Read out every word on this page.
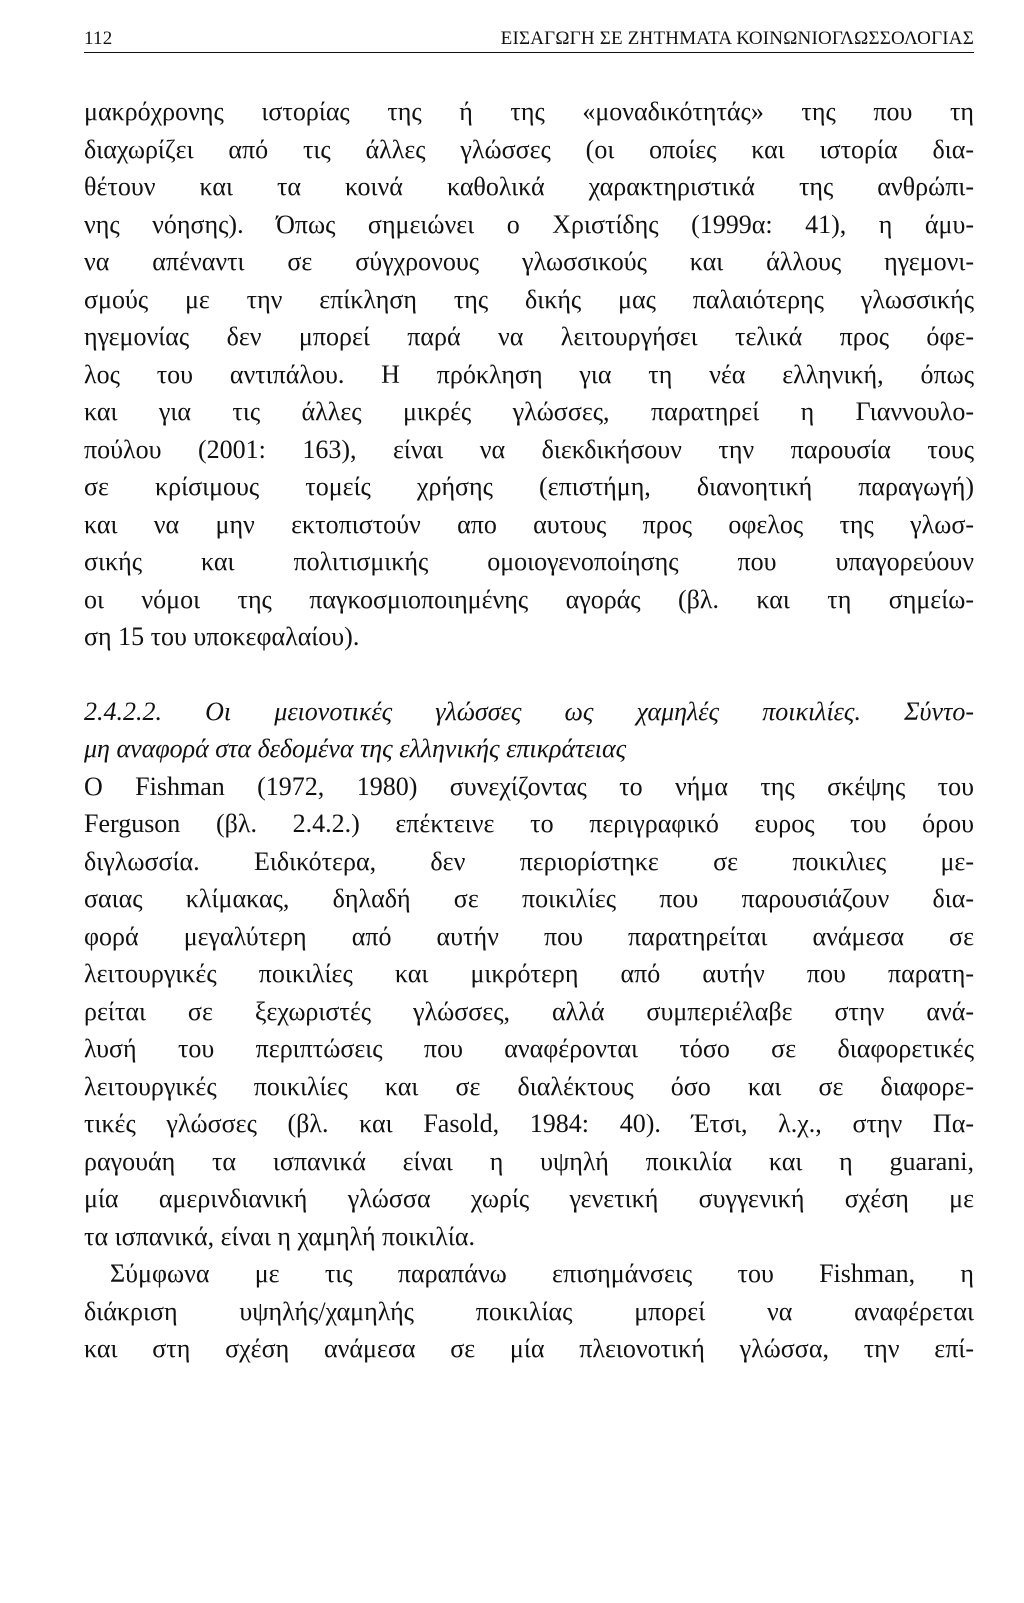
112	ΕΙΣΑΓΩΓΗ ΣΕ ΖΗΤΗΜΑΤΑ ΚΟΙΝΩΝΙΟΓΛΩΣΣΟΛΟΓΙΑΣ
μακρόχρονης ιστορίας της ή της «μοναδικότητάς» της που τη
διαχωρίζει από τις άλλες γλώσσες (οι οποίες και ιστορία δια-
θέτουν και τα κοινά καθολικά χαρακτηριστικά της ανθρώπι-
νης νόησης). Όπως σημειώνει ο Χριστίδης (1999α: 41), η άμυ-
να απέναντι σε σύγχρονους γλωσσικούς και άλλους ηγεμονι-
σμούς με την επίκληση της δικής μας παλαιότερης γλωσσικής
ηγεμονίας δεν μπορεί παρά να λειτουργήσει τελικά προς όφε-
λος του αντιπάλου. Η πρόκληση για τη νέα ελληνική, όπως
και για τις άλλες μικρές γλώσσες, παρατηρεί η Γιαννουλο-
πούλου (2001: 163), είναι να διεκδικήσουν την παρουσία τους
σε κρίσιμους τομείς χρήσης (επιστήμη, διανοητική παραγωγή)
και να μην εκτοπιστούν απο αυτους προς οφελος της γλωσ-
σικής και πολιτισμικής ομοιογενοποίησης που υπαγορεύουν
οι νόμοι της παγκοσμιοποιημένης αγοράς (βλ. και τη σημείω-
ση 15 του υποκεφαλαίου).
2.4.2.2. Οι μειονοτικές γλώσσες ως χαμηλές ποικιλίες. Σύντο-
μη αναφορά στα δεδομένα της ελληνικής επικράτειας
Ο Fishman (1972, 1980) συνεχίζοντας το νήμα της σκέψης του
Ferguson (βλ. 2.4.2.) επέκτεινε το περιγραφικό ευρος του όρου
διγλωσσία. Ειδικότερα, δεν περιορίστηκε σε ποικιλιες με-
σαιας κλίμακας, δηλαδή σε ποικιλίες που παρουσιάζουν δια-
φορά μεγαλύτερη από αυτήν που παρατηρείται ανάμεσα σε
λειτουργικές ποικιλίες και μικρότερη από αυτήν που παρατη-
ρείται σε ξεχωριστές γλώσσες, αλλά συμπεριέλαβε στην ανά-
λυσή του περιπτώσεις που αναφέρονται τόσο σε διαφορετικές
λειτουργικές ποικιλίες και σε διαλέκτους όσο και σε διαφορε-
τικές γλώσσες (βλ. και Fasold, 1984: 40). Έτσι, λ.χ., στην Πα-
ραγουάη τα ισπανικά είναι η υψηλή ποικιλία και η guarani,
μία αμερινδιανική γλώσσα χωρίς γενετική συγγενική σχέση με
τα ισπανικά, είναι η χαμηλή ποικιλία.
Σύμφωνα με τις παραπάνω επισημάνσεις του Fishman, η
διάκριση υψηλής/χαμηλής ποικιλίας μπορεί να αναφέρεται
και στη σχέση ανάμεσα σε μία πλειονοτική γλώσσα, την επί-
